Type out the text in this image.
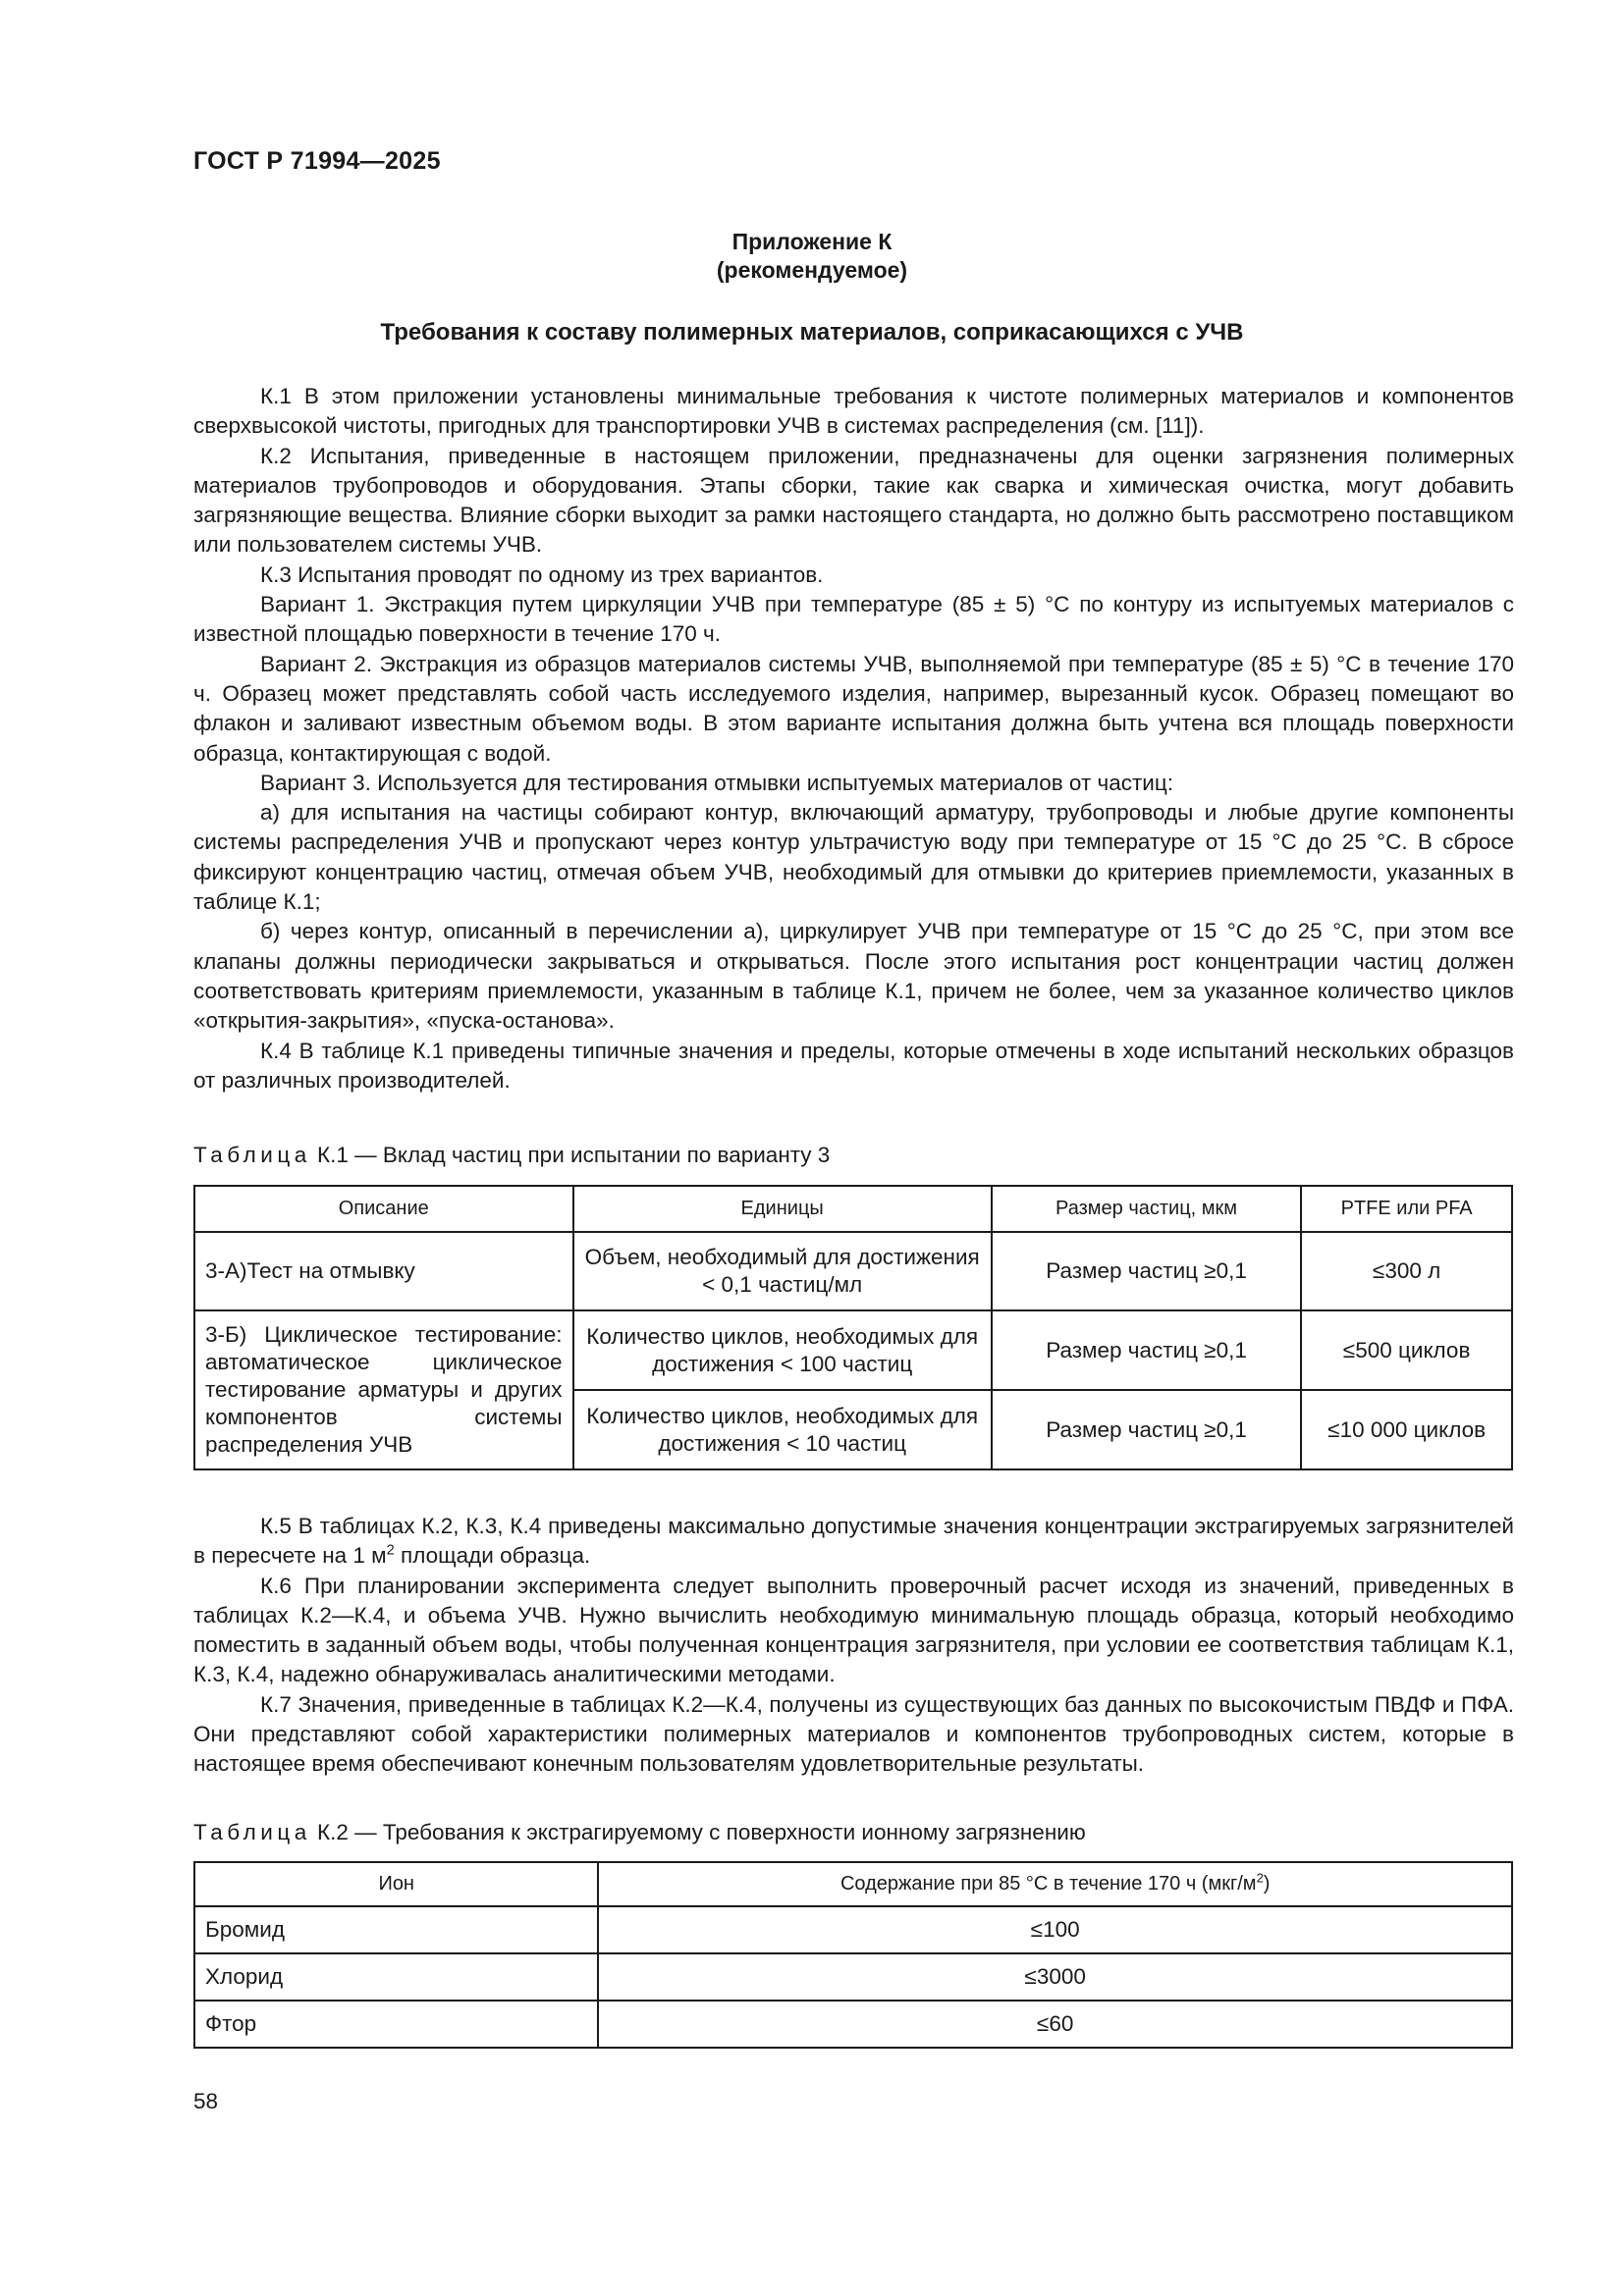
ГОСТ Р 71994—2025
Приложение К
(рекомендуемое)
Требования к составу полимерных материалов, соприкасающихся с УЧВ

К.1 В этом приложении установлены минимальные требования к чистоте полимерных материалов и компонентов сверхвысокой чистоты, пригодных для транспортировки УЧВ в системах распределения (см. [11]).

К.2 Испытания, приведенные в настоящем приложении, предназначены для оценки загрязнения полимерных материалов трубопроводов и оборудования. Этапы сборки, такие как сварка и химическая очистка, могут добавить загрязняющие вещества. Влияние сборки выходит за рамки настоящего стандарта, но должно быть рассмотрено поставщиком или пользователем системы УЧВ.

К.3 Испытания проводят по одному из трех вариантов.

Вариант 1. Экстракция путем циркуляции УЧВ при температуре (85 ± 5) °C по контуру из испытуемых материалов с известной площадью поверхности в течение 170 ч.

Вариант 2. Экстракция из образцов материалов системы УЧВ, выполняемой при температуре (85 ± 5) °C в течение 170 ч. Образец может представлять собой часть исследуемого изделия, например, вырезанный кусок. Образец помещают во флакон и заливают известным объемом воды. В этом варианте испытания должна быть учтена вся площадь поверхности образца, контактирующая с водой.

Вариант 3. Используется для тестирования отмывки испытуемых материалов от частиц:

а) для испытания на частицы собирают контур, включающий арматуру, трубопроводы и любые другие компоненты системы распределения УЧВ и пропускают через контур ультрачистую воду при температуре от 15 °C до 25 °C. В сбросе фиксируют концентрацию частиц, отмечая объем УЧВ, необходимый для отмывки до критериев приемлемости, указанных в таблице К.1;

б) через контур, описанный в перечислении а), циркулирует УЧВ при температуре от 15 °C до 25 °C, при этом все клапаны должны периодически закрываться и открываться. После этого испытания рост концентрации частиц должен соответствовать критериям приемлемости, указанным в таблице К.1, причем не более, чем за указанное количество циклов «открытия-закрытия», «пуска-останова».

К.4 В таблице К.1 приведены типичные значения и пределы, которые отмечены в ходе испытаний нескольких образцов от различных производителей.

Таблица К.1 — Вклад частиц при испытании по варианту 3
Описание	Единицы	Размер частиц, мкм	PTFE или PFA
3-А)Тест на отмывку	Объем, необходимый для достижения < 0,1 частиц/мл	Размер частиц ≥0,1	≤300 л
3-Б) Циклическое тестирование: автоматическое циклическое тестирование арматуры и других компонентов системы распределения УЧВ	Количество циклов, необходимых для достижения < 100 частиц	Размер частиц ≥0,1	≤500 циклов
	Количество циклов, необходимых для достижения < 10 частиц	Размер частиц ≥0,1	≤10 000 циклов

К.5 В таблицах К.2, К.3, К.4 приведены максимально допустимые значения концентрации экстрагируемых загрязнителей в пересчете на 1 $м^2$ площади образца.

К.6 При планировании эксперимента следует выполнить проверочный расчет исходя из значений, приведенных в таблицах К.2—К.4, и объема УЧВ. Нужно вычислить необходимую минимальную площадь образца, который необходимо поместить в заданный объем воды, чтобы полученная концентрация загрязнителя, при условии ее соответствия таблицам К.1, К.3, К.4, надежно обнаруживалась аналитическими методами.

К.7 Значения, приведенные в таблицах К.2—К.4, получены из существующих баз данных по высокочистым ПВДФ и ПФА. Они представляют собой характеристики полимерных материалов и компонентов трубопроводных систем, которые в настоящее время обеспечивают конечным пользователям удовлетворительные результаты.

Таблица К.2 — Требования к экстрагируемому с поверхности ионному загрязнению
Ион	Содержание при 85 °C в течение 170 ч $(мкг/м^2)$
Бромид	≤100
Хлорид	≤3000
Фтор	≤60
58
